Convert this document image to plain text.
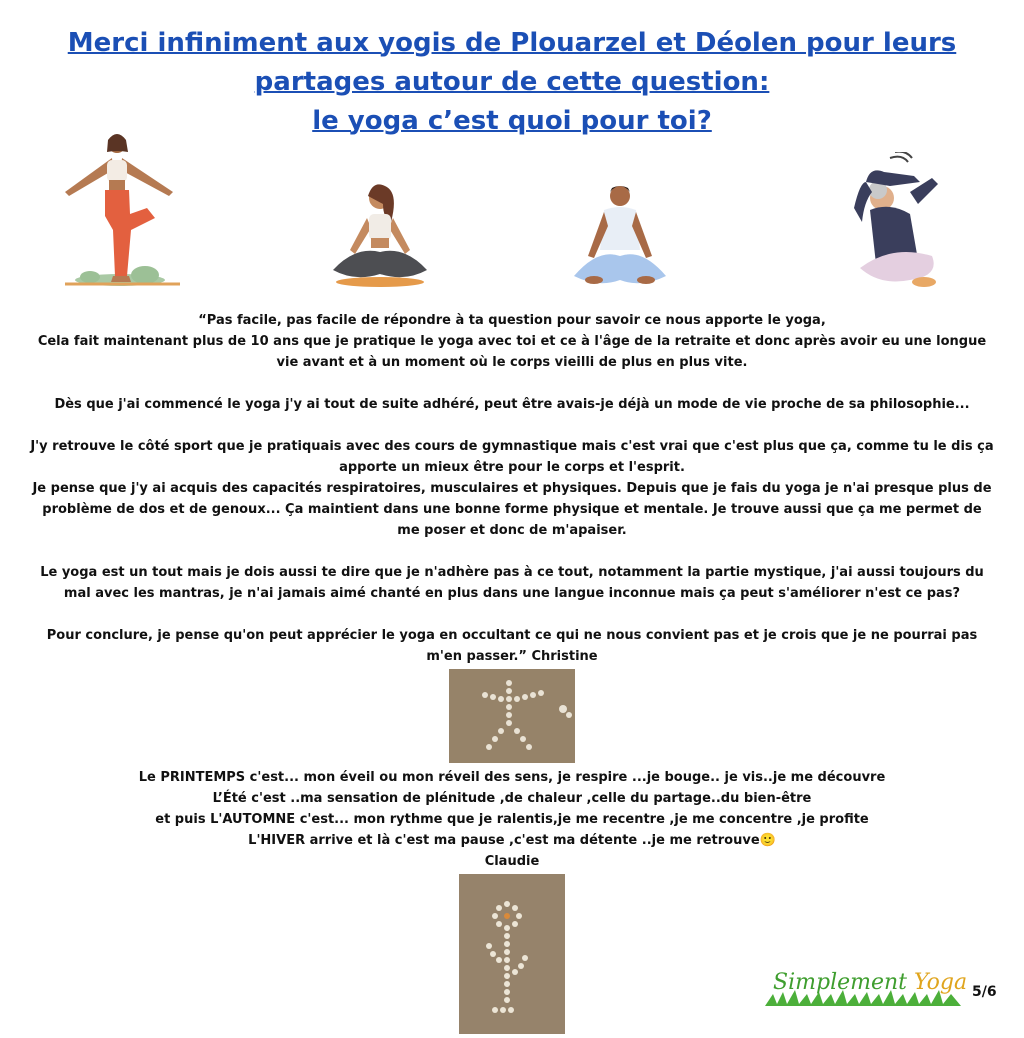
Merci infiniment aux yogis de Plouarzel et Déolen pour leurs
partages autour de cette question:
le yoga c’est quoi pour toi?

“Pas facile, pas facile de répondre à ta question pour savoir ce nous apporte le yoga,
Cela fait maintenant plus de 10 ans que je pratique le yoga avec toi et ce à l'âge de la retraite et donc après avoir eu une longue vie avant et à un moment où le corps vieilli de plus en plus vite.

Dès que j'ai commencé le yoga j'y ai tout de suite adhéré, peut être avais-je déjà un mode de vie proche de sa philosophie...

J'y retrouve le côté sport que je pratiquais avec des cours de gymnastique mais c'est vrai que c'est plus que ça, comme tu le dis ça apporte un mieux être pour le corps et l'esprit.
Je pense que j'y ai acquis des capacités respiratoires, musculaires et physiques. Depuis que je fais du yoga je n'ai presque plus de problème de dos et de genoux... Ça maintient dans une bonne forme physique et mentale. Je trouve aussi que ça me permet de me poser et donc de m'apaiser.

Le yoga est un tout mais je dois aussi te dire que je n'adhère pas à ce tout, notamment la partie mystique, j'ai aussi toujours du mal avec les mantras, je n'ai jamais aimé chanté en plus dans une langue inconnue mais ça peut s'améliorer n'est ce pas?

Pour conclure, je pense qu'on peut apprécier le yoga en occultant ce qui ne nous convient pas et je crois que je ne pourrai pas m'en passer.” Christine

Le PRINTEMPS c'est... mon éveil ou mon réveil des sens, je respire ...je bouge.. je vis..je me découvre

L’Été c'est ..ma sensation de plénitude ,de chaleur ,celle du partage..du bien-être

et puis L'AUTOMNE c'est... mon rythme que je ralentis,je me recentre ,je me concentre ,je profite

L'HIVER arrive et là c'est ma pause ,c'est ma détente ..je me retrouve🙂

Claudie

Simplement Yoga 5/6
